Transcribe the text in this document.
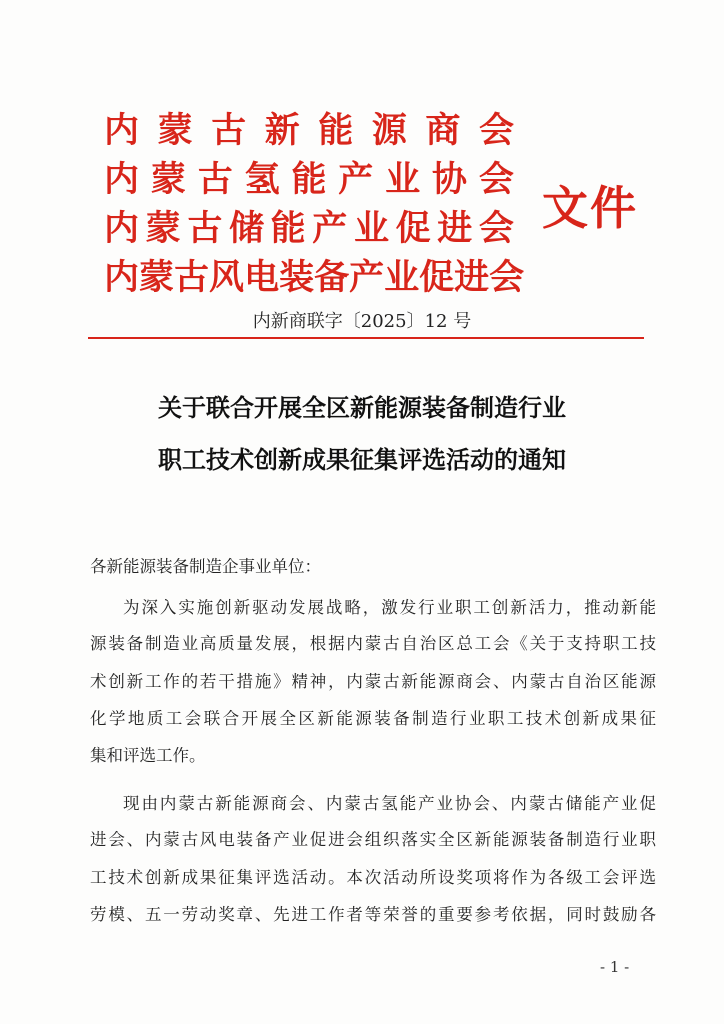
内 蒙 古 新 能 源 商 会
内 蒙 古 氢 能 产 业 协 会
内 蒙 古 储 能 产 业 促 进 会
内 蒙 古 风 电 装 备 产 业 促 进 会
文件
内新商联字〔2025〕12 号
关于联合开展全区新能源装备制造行业
职工技术创新成果征集评选活动的通知
各新能源装备制造企事业单位：
为深入实施创新驱动发展战略，激发行业职工创新活力，推动新能
源装备制造业高质量发展，根据内蒙古自治区总工会《关于支持职工技
术创新工作的若干措施》精神，内蒙古新能源商会、内蒙古自治区能源
化学地质工会联合开展全区新能源装备制造行业职工技术创新成果征
集和评选工作。
现由内蒙古新能源商会、内蒙古氢能产业协会、内蒙古储能产业促
进会、内蒙古风电装备产业促进会组织落实全区新能源装备制造行业职
工技术创新成果征集评选活动。本次活动所设奖项将作为各级工会评选
劳模、五一劳动奖章、先进工作者等荣誉的重要参考依据，同时鼓励各
- 1 -
